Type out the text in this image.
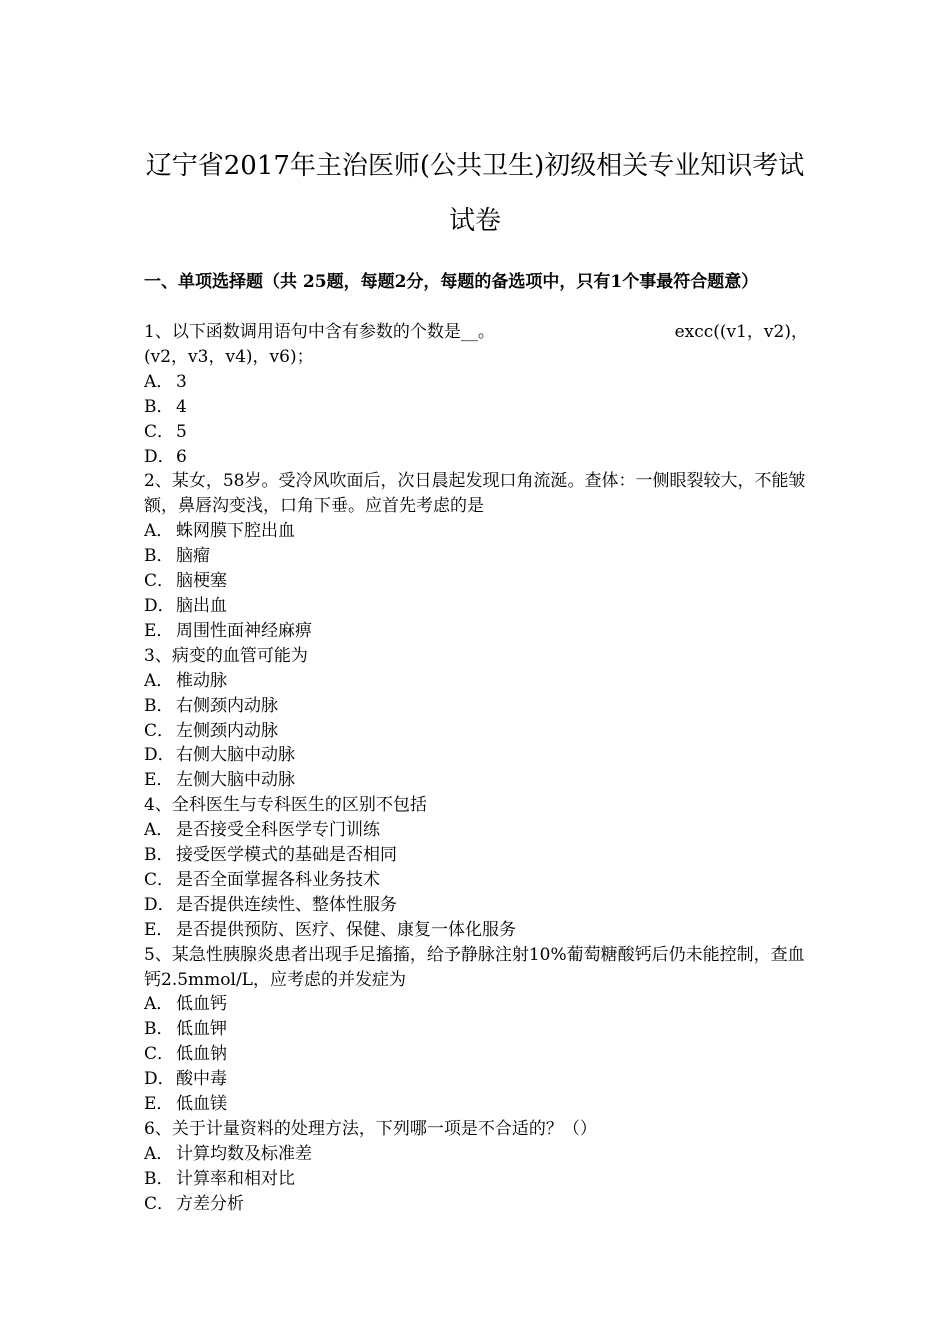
辽宁省2017年主治医师(公共卫生)初级相关专业知识考试
试卷
一、单项选择题（共 25题，每题2分，每题的备选项中，只有1个事最符合题意）

1、以下函数调用语句中含有参数的个数是__。	excc((v1，v2)，

(v2，v3，v4)，v6)；

A． 3

B． 4

C． 5

D．6

2、某女，58岁。受冷风吹面后，次日晨起发现口角流涎。查体：一侧眼裂较大，不能皱额，鼻唇沟变浅，口角下垂。应首先考虑的是

A． 蛛网膜下腔出血

B． 脑瘤

C． 脑梗塞

D．脑出血

E． 周围性面神经麻痹

3、病变的血管可能为

A． 椎动脉

B． 右侧颈内动脉

C． 左侧颈内动脉

D．右侧大脑中动脉

E． 左侧大脑中动脉

4、全科医生与专科医生的区别不包括

A． 是否接受全科医学专门训练

B． 接受医学模式的基础是否相同

C． 是否全面掌握各科业务技术

D．是否提供连续性、整体性服务

E． 是否提供预防、医疗、保健、康复一体化服务

5、某急性胰腺炎患者出现手足搐搐，给予静脉注射10%葡萄糖酸钙后仍未能控制，查血钙2.5mmol/L，应考虑的并发症为

A． 低血钙

B． 低血钾

C． 低血钠

D．酸中毒

E． 低血镁

6、关于计量资料的处理方法，下列哪一项是不合适的？（）

A． 计算均数及标准差

B． 计算率和相对比

C． 方差分析
